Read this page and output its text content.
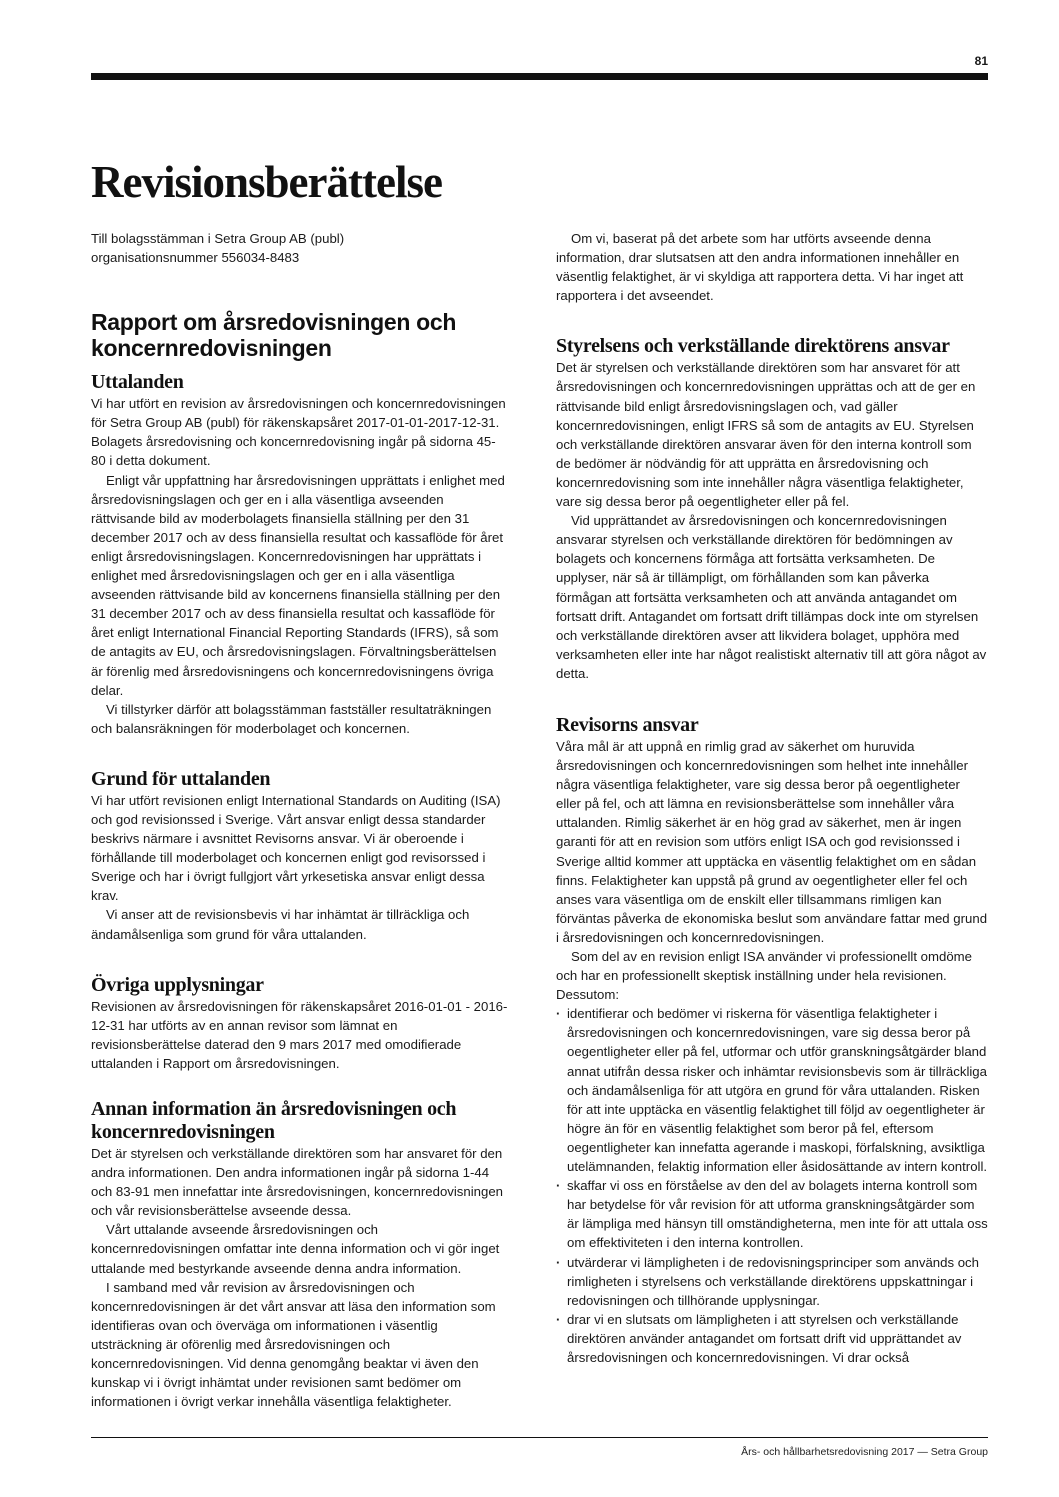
81
Revisionsberättelse

Till bolagsstämman i Setra Group AB (publ)

organisationsnummer 556034-8483

Rapport om årsredovisningen och koncernredovisningen
Uttalanden

Vi har utfört en revision av årsredovisningen och koncernredovisningen för Setra Group AB (publ) för räkenskapsåret 2017-01-01-2017-12-31. Bolagets årsredovisning och koncernredovisning ingår på sidorna 45-80 i detta dokument.

Enligt vår uppfattning har årsredovisningen upprättats i enlighet med årsredovisningslagen och ger en i alla väsentliga avseenden rättvisande bild av moderbolagets finansiella ställning per den 31 december 2017 och av dess finansiella resultat och kassaflöde för året enligt årsredovisningslagen. Koncernredovisningen har upprättats i enlighet med årsredovisningslagen och ger en i alla väsentliga avseenden rättvisande bild av koncernens finansiella ställning per den 31 december 2017 och av dess finansiella resultat och kassaflöde för året enligt International Financial Reporting Standards (IFRS), så som de antagits av EU, och årsredovisningslagen. Förvaltningsberättelsen är förenlig med årsredovisningens och koncernredovisningens övriga delar.

Vi tillstyrker därför att bolagsstämman fastställer resultaträkningen och balansräkningen för moderbolaget och koncernen.

Grund för uttalanden

Vi har utfört revisionen enligt International Standards on Auditing (ISA) och god revisionssed i Sverige. Vårt ansvar enligt dessa standarder beskrivs närmare i avsnittet Revisorns ansvar. Vi är oberoende i förhållande till moderbolaget och koncernen enligt god revisorssed i Sverige och har i övrigt fullgjort vårt yrkesetiska ansvar enligt dessa krav.

Vi anser att de revisionsbevis vi har inhämtat är tillräckliga och ändamålsenliga som grund för våra uttalanden.

Övriga upplysningar

Revisionen av årsredovisningen för räkenskapsåret 2016-01-01 - 2016-12-31 har utförts av en annan revisor som lämnat en revisionsberättelse daterad den 9 mars 2017 med omodifierade uttalanden i Rapport om årsredovisningen.

Annan information än årsredovisningen och koncernredovisningen

Det är styrelsen och verkställande direktören som har ansvaret för den andra informationen. Den andra informationen ingår på sidorna 1-44 och 83-91 men innefattar inte årsredovisningen, koncernredovisningen och vår revisionsberättelse avseende dessa.

Vårt uttalande avseende årsredovisningen och koncernredovisningen omfattar inte denna information och vi gör inget uttalande med bestyrkande avseende denna andra information.

I samband med vår revision av årsredovisningen och koncernredovisningen är det vårt ansvar att läsa den information som identifieras ovan och överväga om informationen i väsentlig utsträckning är oförenlig med årsredovisningen och koncernredovisningen. Vid denna genomgång beaktar vi även den kunskap vi i övrigt inhämtat under revisionen samt bedömer om informationen i övrigt verkar innehålla väsentliga felaktigheter.

Om vi, baserat på det arbete som har utförts avseende denna information, drar slutsatsen att den andra informationen innehåller en väsentlig felaktighet, är vi skyldiga att rapportera detta. Vi har inget att rapportera i det avseendet.

Styrelsens och verkställande direktörens ansvar

Det är styrelsen och verkställande direktören som har ansvaret för att årsredovisningen och koncernredovisningen upprättas och att de ger en rättvisande bild enligt årsredovisningslagen och, vad gäller koncernredovisningen, enligt IFRS så som de antagits av EU. Styrelsen och verkställande direktören ansvarar även för den interna kontroll som de bedömer är nödvändig för att upprätta en årsredovisning och koncernredovisning som inte innehåller några väsentliga felaktigheter, vare sig dessa beror på oegentligheter eller på fel.

Vid upprättandet av årsredovisningen och koncernredovisningen ansvarar styrelsen och verkställande direktören för bedömningen av bolagets och koncernens förmåga att fortsätta verksamheten. De upplyser, när så är tillämpligt, om förhållanden som kan påverka förmågan att fortsätta verksamheten och att använda antagandet om fortsatt drift. Antagandet om fortsatt drift tillämpas dock inte om styrelsen och verkställande direktören avser att likvidera bolaget, upphöra med verksamheten eller inte har något realistiskt alternativ till att göra något av detta.

Revisorns ansvar

Våra mål är att uppnå en rimlig grad av säkerhet om huruvida årsredovisningen och koncernredovisningen som helhet inte innehåller några väsentliga felaktigheter, vare sig dessa beror på oegentligheter eller på fel, och att lämna en revisionsberättelse som innehåller våra uttalanden. Rimlig säkerhet är en hög grad av säkerhet, men är ingen garanti för att en revision som utförs enligt ISA och god revisionssed i Sverige alltid kommer att upptäcka en väsentlig felaktighet om en sådan finns. Felaktigheter kan uppstå på grund av oegentligheter eller fel och anses vara väsentliga om de enskilt eller tillsammans rimligen kan förväntas påverka de ekonomiska beslut som användare fattar med grund i årsredovisningen och koncernredovisningen.

Som del av en revision enligt ISA använder vi professionellt omdöme och har en professionellt skeptisk inställning under hela revisionen. Dessutom:

· identifierar och bedömer vi riskerna för väsentliga felaktigheter i årsredovisningen och koncernredovisningen, vare sig dessa beror på oegentligheter eller på fel, utformar och utför granskningsåtgärder bland annat utifrån dessa risker och inhämtar revisionsbevis som är tillräckliga och ändamålsenliga för att utgöra en grund för våra uttalanden. Risken för att inte upptäcka en väsentlig felaktighet till följd av oegentligheter är högre än för en väsentlig felaktighet som beror på fel, eftersom oegentligheter kan innefatta agerande i maskopi, förfalskning, avsiktliga utelämnanden, felaktig information eller åsidosättande av intern kontroll.
· skaffar vi oss en förståelse av den del av bolagets interna kontroll som har betydelse för vår revision för att utforma granskningsåtgärder som är lämpliga med hänsyn till omständigheterna, men inte för att uttala oss om effektiviteten i den interna kontrollen.
· utvärderar vi lämpligheten i de redovisningsprinciper som används och rimligheten i styrelsens och verkställande direktörens uppskattningar i redovisningen och tillhörande upplysningar.
· drar vi en slutsats om lämpligheten i att styrelsen och verkställande direktören använder antagandet om fortsatt drift vid upprättandet av årsredovisningen och koncernredovisningen. Vi drar också
Års- och hållbarhetsredovisning 2017 — Setra Group
